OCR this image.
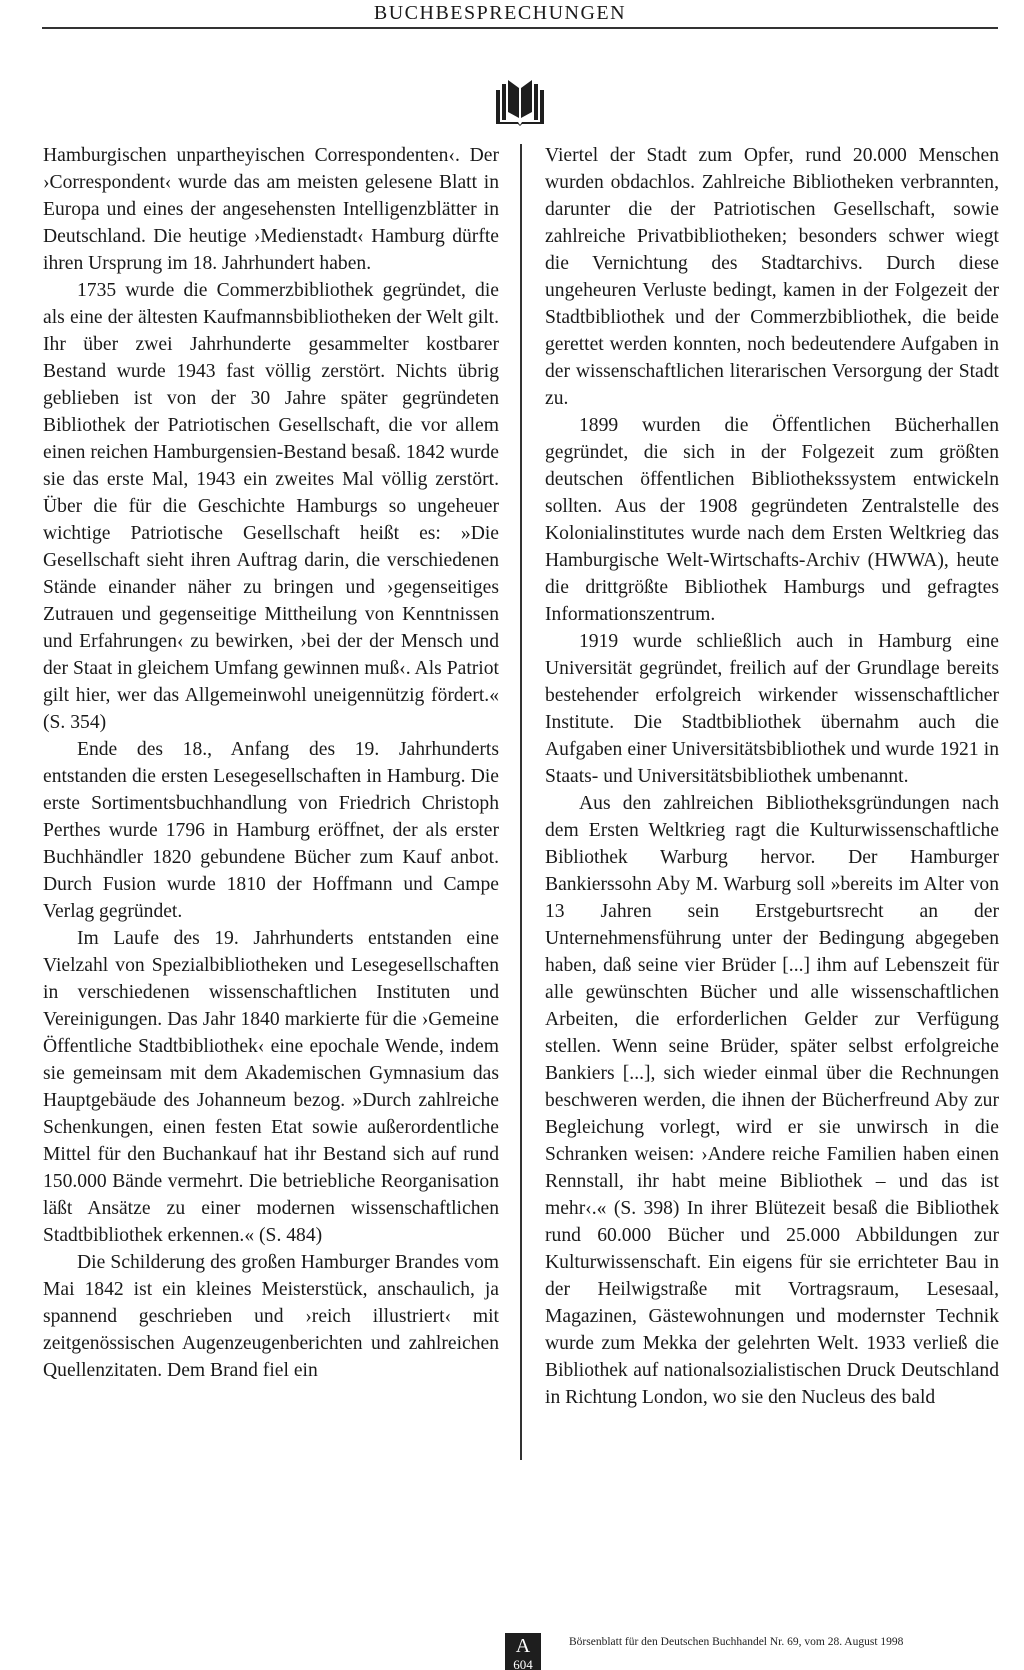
BUCHBESPRECHUNGEN

Hamburgischen unpartheyischen Correspondenten‹. Der ›Correspondent‹ wurde das am meisten gelesene Blatt in Europa und eines der angesehensten Intelligenzblätter in Deutschland. Die heutige ›Medienstadt‹ Hamburg dürfte ihren Ursprung im 18. Jahrhundert haben.

1735 wurde die Commerzbibliothek gegründet, die als eine der ältesten Kaufmannsbibliotheken der Welt gilt. Ihr über zwei Jahrhunderte gesammelter kostbarer Bestand wurde 1943 fast völlig zerstört. Nichts übrig geblieben ist von der 30 Jahre später gegründeten Bibliothek der Patriotischen Gesellschaft, die vor allem einen reichen Hamburgensien-Bestand besaß. 1842 wurde sie das erste Mal, 1943 ein zweites Mal völlig zerstört. Über die für die Geschichte Hamburgs so ungeheuer wichtige Patriotische Gesellschaft heißt es: »Die Gesellschaft sieht ihren Auftrag darin, die verschiedenen Stände einander näher zu bringen und ›gegenseitiges Zutrauen und gegenseitige Mittheilung von Kenntnissen und Erfahrungen‹ zu bewirken, ›bei der der Mensch und der Staat in gleichem Umfang gewinnen muß‹. Als Patriot gilt hier, wer das Allgemeinwohl uneigennützig fördert.« (S. 354)

Ende des 18., Anfang des 19. Jahrhunderts entstanden die ersten Lesegesellschaften in Hamburg. Die erste Sortimentsbuchhandlung von Friedrich Christoph Perthes wurde 1796 in Hamburg eröffnet, der als erster Buchhändler 1820 gebundene Bücher zum Kauf anbot. Durch Fusion wurde 1810 der Hoffmann und Campe Verlag gegründet.

Im Laufe des 19. Jahrhunderts entstanden eine Vielzahl von Spezialbibliotheken und Lesegesellschaften in verschiedenen wissenschaftlichen Instituten und Vereinigungen. Das Jahr 1840 markierte für die ›Gemeine Öffentliche Stadtbibliothek‹ eine epochale Wende, indem sie gemeinsam mit dem Akademischen Gymnasium das Hauptgebäude des Johanneum bezog. »Durch zahlreiche Schenkungen, einen festen Etat sowie außerordentliche Mittel für den Buchankauf hat ihr Bestand sich auf rund 150.000 Bände vermehrt. Die betriebliche Reorganisation läßt Ansätze zu einer modernen wissenschaftlichen Stadtbibliothek erkennen.« (S. 484)

Die Schilderung des großen Hamburger Brandes vom Mai 1842 ist ein kleines Meisterstück, anschaulich, ja spannend geschrieben und ›reich illustriert‹ mit zeitgenössischen Augenzeugenberichten und zahlreichen Quellenzitaten. Dem Brand fiel ein

Viertel der Stadt zum Opfer, rund 20.000 Menschen wurden obdachlos. Zahlreiche Bibliotheken verbrannten, darunter die der Patriotischen Gesellschaft, sowie zahlreiche Privatbibliotheken; besonders schwer wiegt die Vernichtung des Stadtarchivs. Durch diese ungeheuren Verluste bedingt, kamen in der Folgezeit der Stadtbibliothek und der Commerzbibliothek, die beide gerettet werden konnten, noch bedeutendere Aufgaben in der wissenschaftlichen literarischen Versorgung der Stadt zu.

1899 wurden die Öffentlichen Bücherhallen gegründet, die sich in der Folgezeit zum größten deutschen öffentlichen Bibliothekssystem entwickeln sollten. Aus der 1908 gegründeten Zentralstelle des Kolonialinstitutes wurde nach dem Ersten Weltkrieg das Hamburgische Welt-Wirtschafts-Archiv (HWWA), heute die drittgrößte Bibliothek Hamburgs und gefragtes Informationszentrum.

1919 wurde schließlich auch in Hamburg eine Universität gegründet, freilich auf der Grundlage bereits bestehender erfolgreich wirkender wissenschaftlicher Institute. Die Stadtbibliothek übernahm auch die Aufgaben einer Universitätsbibliothek und wurde 1921 in Staats- und Universitätsbibliothek umbenannt.

Aus den zahlreichen Bibliotheksgründungen nach dem Ersten Weltkrieg ragt die Kulturwissenschaftliche Bibliothek Warburg hervor. Der Hamburger Bankierssohn Aby M. Warburg soll »bereits im Alter von 13 Jahren sein Erstgeburtsrecht an der Unternehmensführung unter der Bedingung abgegeben haben, daß seine vier Brüder [...] ihm auf Lebenszeit für alle gewünschten Bücher und alle wissenschaftlichen Arbeiten, die erforderlichen Gelder zur Verfügung stellen. Wenn seine Brüder, später selbst erfolgreiche Bankiers [...], sich wieder einmal über die Rechnungen beschweren werden, die ihnen der Bücherfreund Aby zur Begleichung vorlegt, wird er sie unwirsch in die Schranken weisen: ›Andere reiche Familien haben einen Rennstall, ihr habt meine Bibliothek – und das ist mehr‹.« (S. 398) In ihrer Blütezeit besaß die Bibliothek rund 60.000 Bücher und 25.000 Abbildungen zur Kulturwissenschaft. Ein eigens für sie errichteter Bau in der Heilwigstraße mit Vortragsraum, Lesesaal, Magazinen, Gästewohnungen und modernster Technik wurde zum Mekka der gelehrten Welt. 1933 verließ die Bibliothek auf nationalsozialistischen Druck Deutschland in Richtung London, wo sie den Nucleus des bald

A
604
Börsenblatt für den Deutschen Buchhandel Nr. 69, vom 28. August 1998
